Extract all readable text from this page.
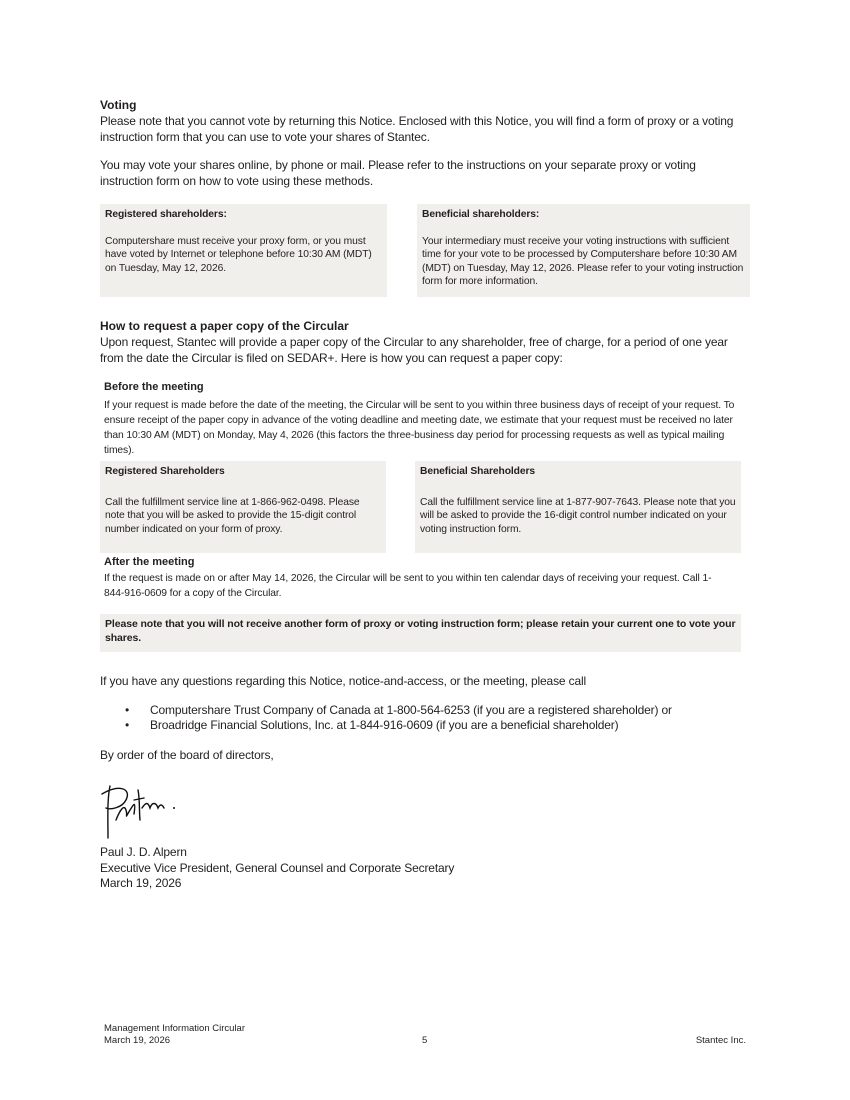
Voting
Please note that you cannot vote by returning this Notice. Enclosed with this Notice, you will find a form of proxy or a voting instruction form that you can use to vote your shares of Stantec.
You may vote your shares online, by phone or mail. Please refer to the instructions on your separate proxy or voting instruction form on how to vote using these methods.
Registered shareholders:
Computershare must receive your proxy form, or you must have voted by Internet or telephone before 10:30 AM (MDT) on Tuesday, May 12, 2026.
Beneficial shareholders:
Your intermediary must receive your voting instructions with sufficient time for your vote to be processed by Computershare before 10:30 AM (MDT) on Tuesday, May 12, 2026. Please refer to your voting instruction form for more information.
How to request a paper copy of the Circular
Upon request, Stantec will provide a paper copy of the Circular to any shareholder, free of charge, for a period of one year from the date the Circular is filed on SEDAR+. Here is how you can request a paper copy:
Before the meeting
If your request is made before the date of the meeting, the Circular will be sent to you within three business days of receipt of your request. To ensure receipt of the paper copy in advance of the voting deadline and meeting date, we estimate that your request must be received no later than 10:30 AM (MDT) on Monday, May 4, 2026 (this factors the three-business day period for processing requests as well as typical mailing times).
Registered Shareholders
Call the fulfillment service line at 1-866-962-0498. Please note that you will be asked to provide the 15-digit control number indicated on your form of proxy.
Beneficial Shareholders
Call the fulfillment service line at 1-877-907-7643. Please note that you will be asked to provide the 16-digit control number indicated on your voting instruction form.
After the meeting
If the request is made on or after May 14, 2026, the Circular will be sent to you within ten calendar days of receiving your request. Call 1-844-916-0609 for a copy of the Circular.
Please note that you will not receive another form of proxy or voting instruction form; please retain your current one to vote your shares.
If you have any questions regarding this Notice, notice-and-access, or the meeting, please call
• Computershare Trust Company of Canada at 1-800-564-6253 (if you are a registered shareholder) or
• Broadridge Financial Solutions, Inc. at 1-844-916-0609 (if you are a beneficial shareholder)
By order of the board of directors,
Paul J. D. Alpern
Executive Vice President, General Counsel and Corporate Secretary
March 19, 2026
Management Information Circular
March 19, 2026	5	Stantec Inc.
